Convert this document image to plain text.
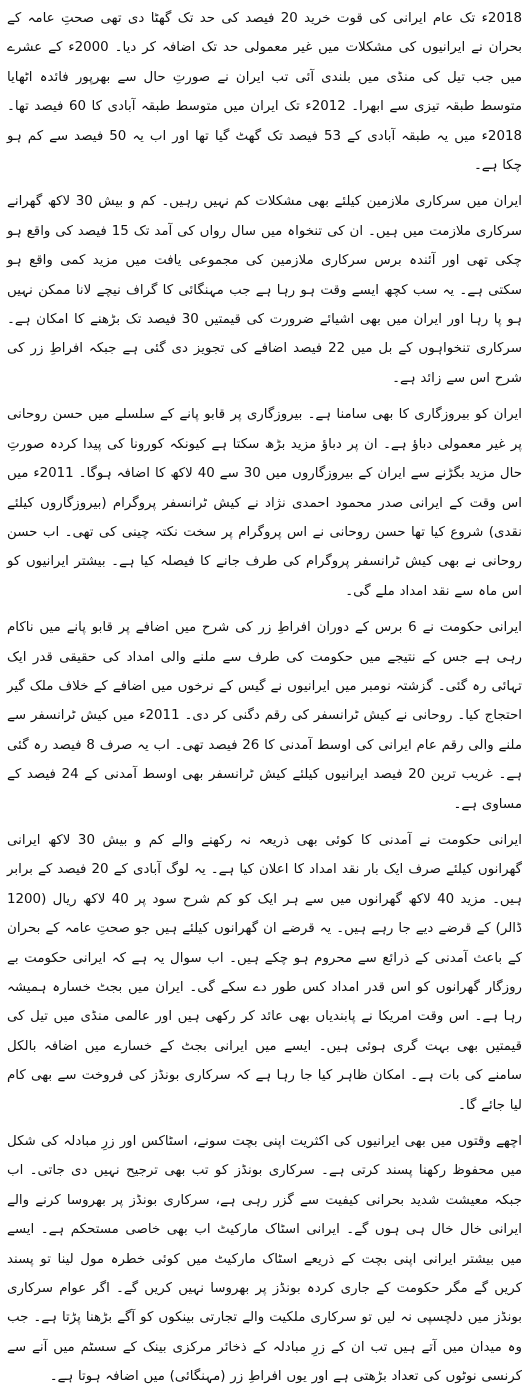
2018ء تک عام ایرانی کی قوت خرید 20 فیصد کی حد تک گھٹا دی تھی صحتِ عامہ کے بحران نے ایرانیوں کی مشکلات میں غیر معمولی حد تک اضافہ کر دیا۔ 2000ء کے عشرے میں جب تیل کی منڈی میں بلندی آئی تب ایران نے صورتِ حال سے بھرپور فائدہ اٹھایا متوسط طبقہ تیزی سے ابھرا۔ 2012ء تک ایران میں متوسط طبقہ آبادی کا 60 فیصد تھا۔ 2018ء میں یہ طبقہ آبادی کے 53 فیصد تک گھٹ گیا تھا اور اب یہ 50 فیصد سے کم ہو چکا ہے۔

ایران میں سرکاری ملازمین کیلئے بھی مشکلات کم نہیں رہیں۔ کم و بیش 30 لاکھ گھرانے سرکاری ملازمت میں ہیں۔ ان کی تنخواہ میں سال رواں کی آمد تک 15 فیصد کی واقع ہو چکی تھی اور آئندہ برس سرکاری ملازمین کی مجموعی یافت میں مزید کمی واقع ہو سکتی ہے۔ یہ سب کچھ ایسے وقت ہو رہا ہے جب مہنگائی کا گراف نیچے لانا ممکن نہیں ہو پا رہا اور ایران میں بھی اشیائے ضرورت کی قیمتیں 30 فیصد تک بڑھنے کا امکان ہے۔ سرکاری تنخواہوں کے بل میں 22 فیصد اضافے کی تجویز دی گئی ہے جبکہ افراطِ زر کی شرح اس سے زائد ہے۔

ایران کو بیروزگاری کا بھی سامنا ہے۔ بیروزگاری پر قابو پانے کے سلسلے میں حسن روحانی پر غیر معمولی دباؤ ہے۔ ان پر دباؤ مزید بڑھ سکتا ہے کیونکہ کورونا کی پیدا کردہ صورتِ حال مزید بگڑنے سے ایران کے بیروزگاروں میں 30 سے 40 لاکھ کا اضافہ ہوگا۔ 2011ء میں اس وقت کے ایرانی صدر محمود احمدی نژاد نے کیش ٹرانسفر پروگرام (بیروزگاروں کیلئے نقدی) شروع کیا تھا حسن روحانی نے اس پروگرام پر سخت نکتہ چینی کی تھی۔ اب حسن روحانی نے بھی کیش ٹرانسفر پروگرام کی طرف جانے کا فیصلہ کیا ہے۔ بیشتر ایرانیوں کو اس ماہ سے نقد امداد ملے گی۔

ایرانی حکومت نے 6 برس کے دوران افراطِ زر کی شرح میں اضافے پر قابو پانے میں ناکام رہی ہے جس کے نتیجے میں حکومت کی طرف سے ملنے والی امداد کی حقیقی قدر ایک تہائی رہ گئی۔ گزشتہ نومبر میں ایرانیوں نے گیس کے نرخوں میں اضافے کے خلاف ملک گیر احتجاج کیا۔ روحانی نے کیش ٹرانسفر کی رقم دگنی کر دی۔ 2011ء میں کیش ٹرانسفر سے ملنے والی رقم عام ایرانی کی اوسط آمدنی کا 26 فیصد تھی۔ اب یہ صرف 8 فیصد رہ گئی ہے۔ غریب ترین 20 فیصد ایرانیوں کیلئے کیش ٹرانسفر بھی اوسط آمدنی کے 24 فیصد کے مساوی ہے۔

ایرانی حکومت نے آمدنی کا کوئی بھی ذریعہ نہ رکھنے والے کم و بیش 30 لاکھ ایرانی گھرانوں کیلئے صرف ایک بار نقد امداد کا اعلان کیا ہے۔ یہ لوگ آبادی کے 20 فیصد کے برابر ہیں۔ مزید 40 لاکھ گھرانوں میں سے ہر ایک کو کم شرح سود پر 40 لاکھ ریال (1200 ڈالر) کے قرضے دیے جا رہے ہیں۔ یہ قرضے ان گھرانوں کیلئے ہیں جو صحتِ عامہ کے بحران کے باعث آمدنی کے ذرائع سے محروم ہو چکے ہیں۔ اب سوال یہ ہے کہ ایرانی حکومت بے روزگار گھرانوں کو اس قدر امداد کس طور دے سکے گی۔ ایران میں بجٹ خسارہ ہمیشہ رہا ہے۔ اس وقت امریکا نے پابندیاں بھی عائد کر رکھی ہیں اور عالمی منڈی میں تیل کی قیمتیں بھی بہت گری ہوئی ہیں۔ ایسے میں ایرانی بجٹ کے خسارے میں اضافہ بالکل سامنے کی بات ہے۔ امکان ظاہر کیا جا رہا ہے کہ سرکاری بونڈز کی فروخت سے بھی کام لیا جائے گا۔

اچھے وقتوں میں بھی ایرانیوں کی اکثریت اپنی بچت سونے، اسٹاکس اور زرِ مبادلہ کی شکل میں محفوظ رکھنا پسند کرتی ہے۔ سرکاری بونڈز کو تب بھی ترجیح نہیں دی جاتی۔ اب جبکہ معیشت شدید بحرانی کیفیت سے گزر رہی ہے، سرکاری بونڈز پر بھروسا کرنے والے ایرانی خال خال ہی ہوں گے۔ ایرانی اسٹاک مارکیٹ اب بھی خاصی مستحکم ہے۔ ایسے میں بیشتر ایرانی اپنی بچت کے ذریعے اسٹاک مارکیٹ میں کوئی خطرہ مول لینا تو پسند کریں گے مگر حکومت کے جاری کردہ بونڈز پر بھروسا نہیں کریں گے۔ اگر عوام سرکاری بونڈز میں دلچسپی نہ لیں تو سرکاری ملکیت والے تجارتی بینکوں کو آگے بڑھنا پڑتا ہے۔ جب وہ میدان میں آتے ہیں تب ان کے زرِ مبادلہ کے ذخائر مرکزی بینک کے سسٹم میں آنے سے کرنسی نوٹوں کی تعداد بڑھتی ہے اور یوں افراطِ زر (مہنگائی) میں اضافہ ہوتا ہے۔
